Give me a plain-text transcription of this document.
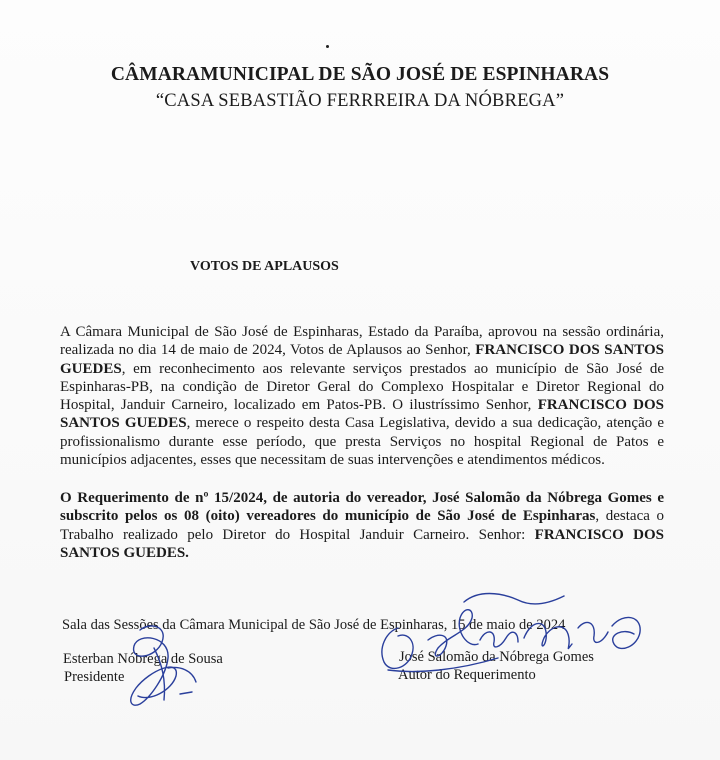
CÂMARAMUNICIPAL DE SÃO JOSÉ DE ESPINHARAS
“CASA SEBASTIÃO FERRREIRA DA NÓBREGA”
VOTOS DE APLAUSOS
A Câmara Municipal de São José de Espinharas, Estado da Paraíba, aprovou na sessão ordinária, realizada no dia 14 de maio de 2024, Votos de Aplausos ao Senhor, FRANCISCO DOS SANTOS GUEDES, em reconhecimento aos relevante serviços prestados ao município de São José de Espinharas-PB, na condição de Diretor Geral do Complexo Hospitalar e Diretor Regional do Hospital, Janduir Carneiro, localizado em Patos-PB. O ilustríssimo Senhor, FRANCISCO DOS SANTOS GUEDES, merece o respeito desta Casa Legislativa, devido a sua dedicação, atenção e profissionalismo durante esse período, que presta Serviços no hospital Regional de Patos e municípios adjacentes, esses que necessitam de suas intervenções e atendimentos médicos.
O Requerimento de nº 15/2024, de autoria do vereador, José Salomão da Nóbrega Gomes e subscrito pelos os 08 (oito) vereadores do município de São José de Espinharas, destaca o Trabalho realizado pelo Diretor do Hospital Janduir Carneiro. Senhor: FRANCISCO DOS SANTOS GUEDES.
Sala das Sessões da Câmara Municipal de São José de Espinharas, 15 de maio de 2024
Esterban Nóbrega de Sousa
Presidente
José Salomão da Nóbrega Gomes
Autor do Requerimento
